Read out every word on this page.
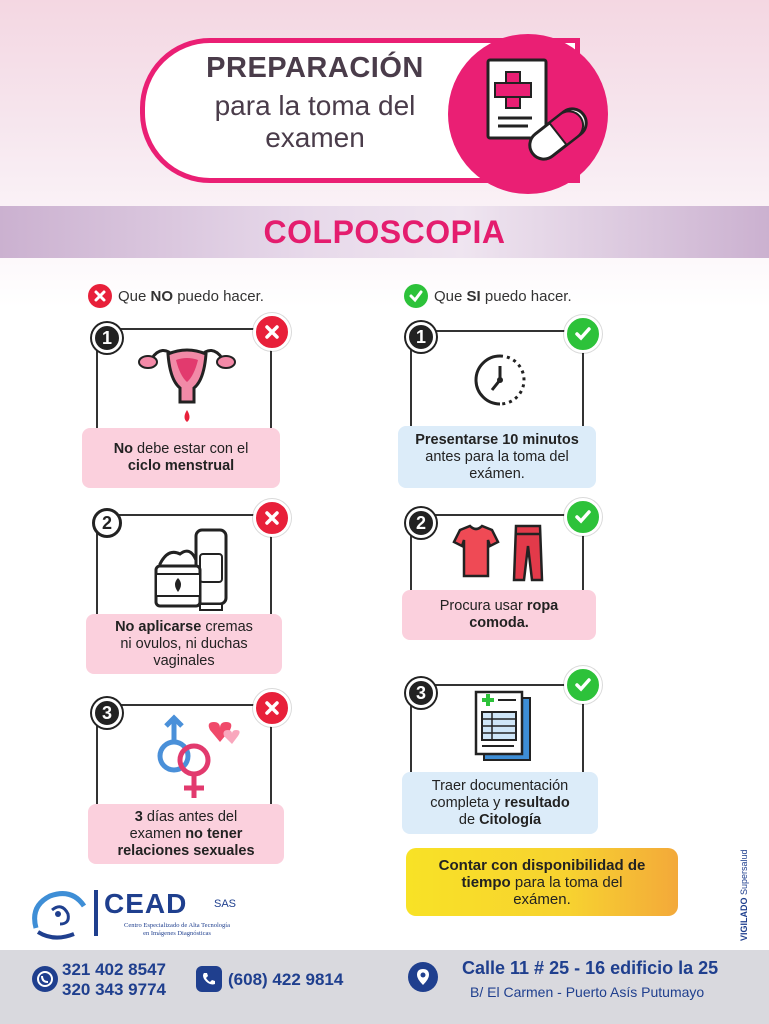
PREPARACIÓN
para la toma del
examen
COLPOSCOPIA
Que NO puedo hacer.	Que SI puedo hacer.
1
No debe estar con el
ciclo menstrual
2
No aplicarse cremas
ni ovulos, ni duchas
vaginales
3
3 días antes del
examen no tener
relaciones sexuales
1
Presentarse 10 minutos
antes para la toma del
exámen.
2
Procura usar ropa
comoda.
3
Traer documentación
completa y resultado
de Citología
Contar con disponibilidad de
tiempo para la toma del
exámen.	VIGILADO Supersalud
CEAD SAS
Centro Especializado de Alta Tecnología
en Imágenes Diagnósticas
321 402 8547
320 343 9774
(608) 422 9814
Calle 11 # 25 - 16 edificio la 25
B/ El Carmen - Puerto Asís Putumayo
